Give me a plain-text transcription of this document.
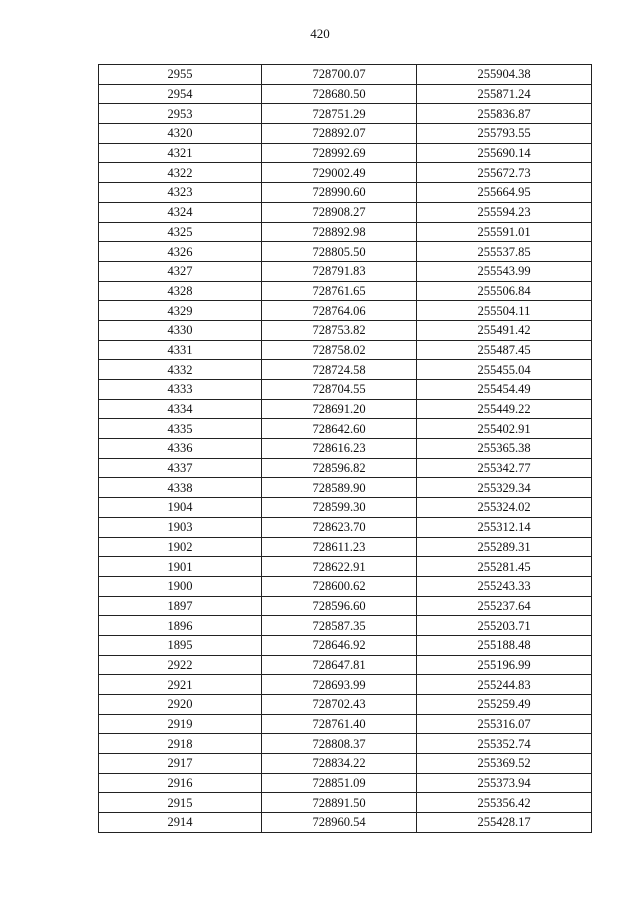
420
2955	728700.07	255904.38
2954	728680.50	255871.24
2953	728751.29	255836.87
4320	728892.07	255793.55
4321	728992.69	255690.14
4322	729002.49	255672.73
4323	728990.60	255664.95
4324	728908.27	255594.23
4325	728892.98	255591.01
4326	728805.50	255537.85
4327	728791.83	255543.99
4328	728761.65	255506.84
4329	728764.06	255504.11
4330	728753.82	255491.42
4331	728758.02	255487.45
4332	728724.58	255455.04
4333	728704.55	255454.49
4334	728691.20	255449.22
4335	728642.60	255402.91
4336	728616.23	255365.38
4337	728596.82	255342.77
4338	728589.90	255329.34
1904	728599.30	255324.02
1903	728623.70	255312.14
1902	728611.23	255289.31
1901	728622.91	255281.45
1900	728600.62	255243.33
1897	728596.60	255237.64
1896	728587.35	255203.71
1895	728646.92	255188.48
2922	728647.81	255196.99
2921	728693.99	255244.83
2920	728702.43	255259.49
2919	728761.40	255316.07
2918	728808.37	255352.74
2917	728834.22	255369.52
2916	728851.09	255373.94
2915	728891.50	255356.42
2914	728960.54	255428.17
